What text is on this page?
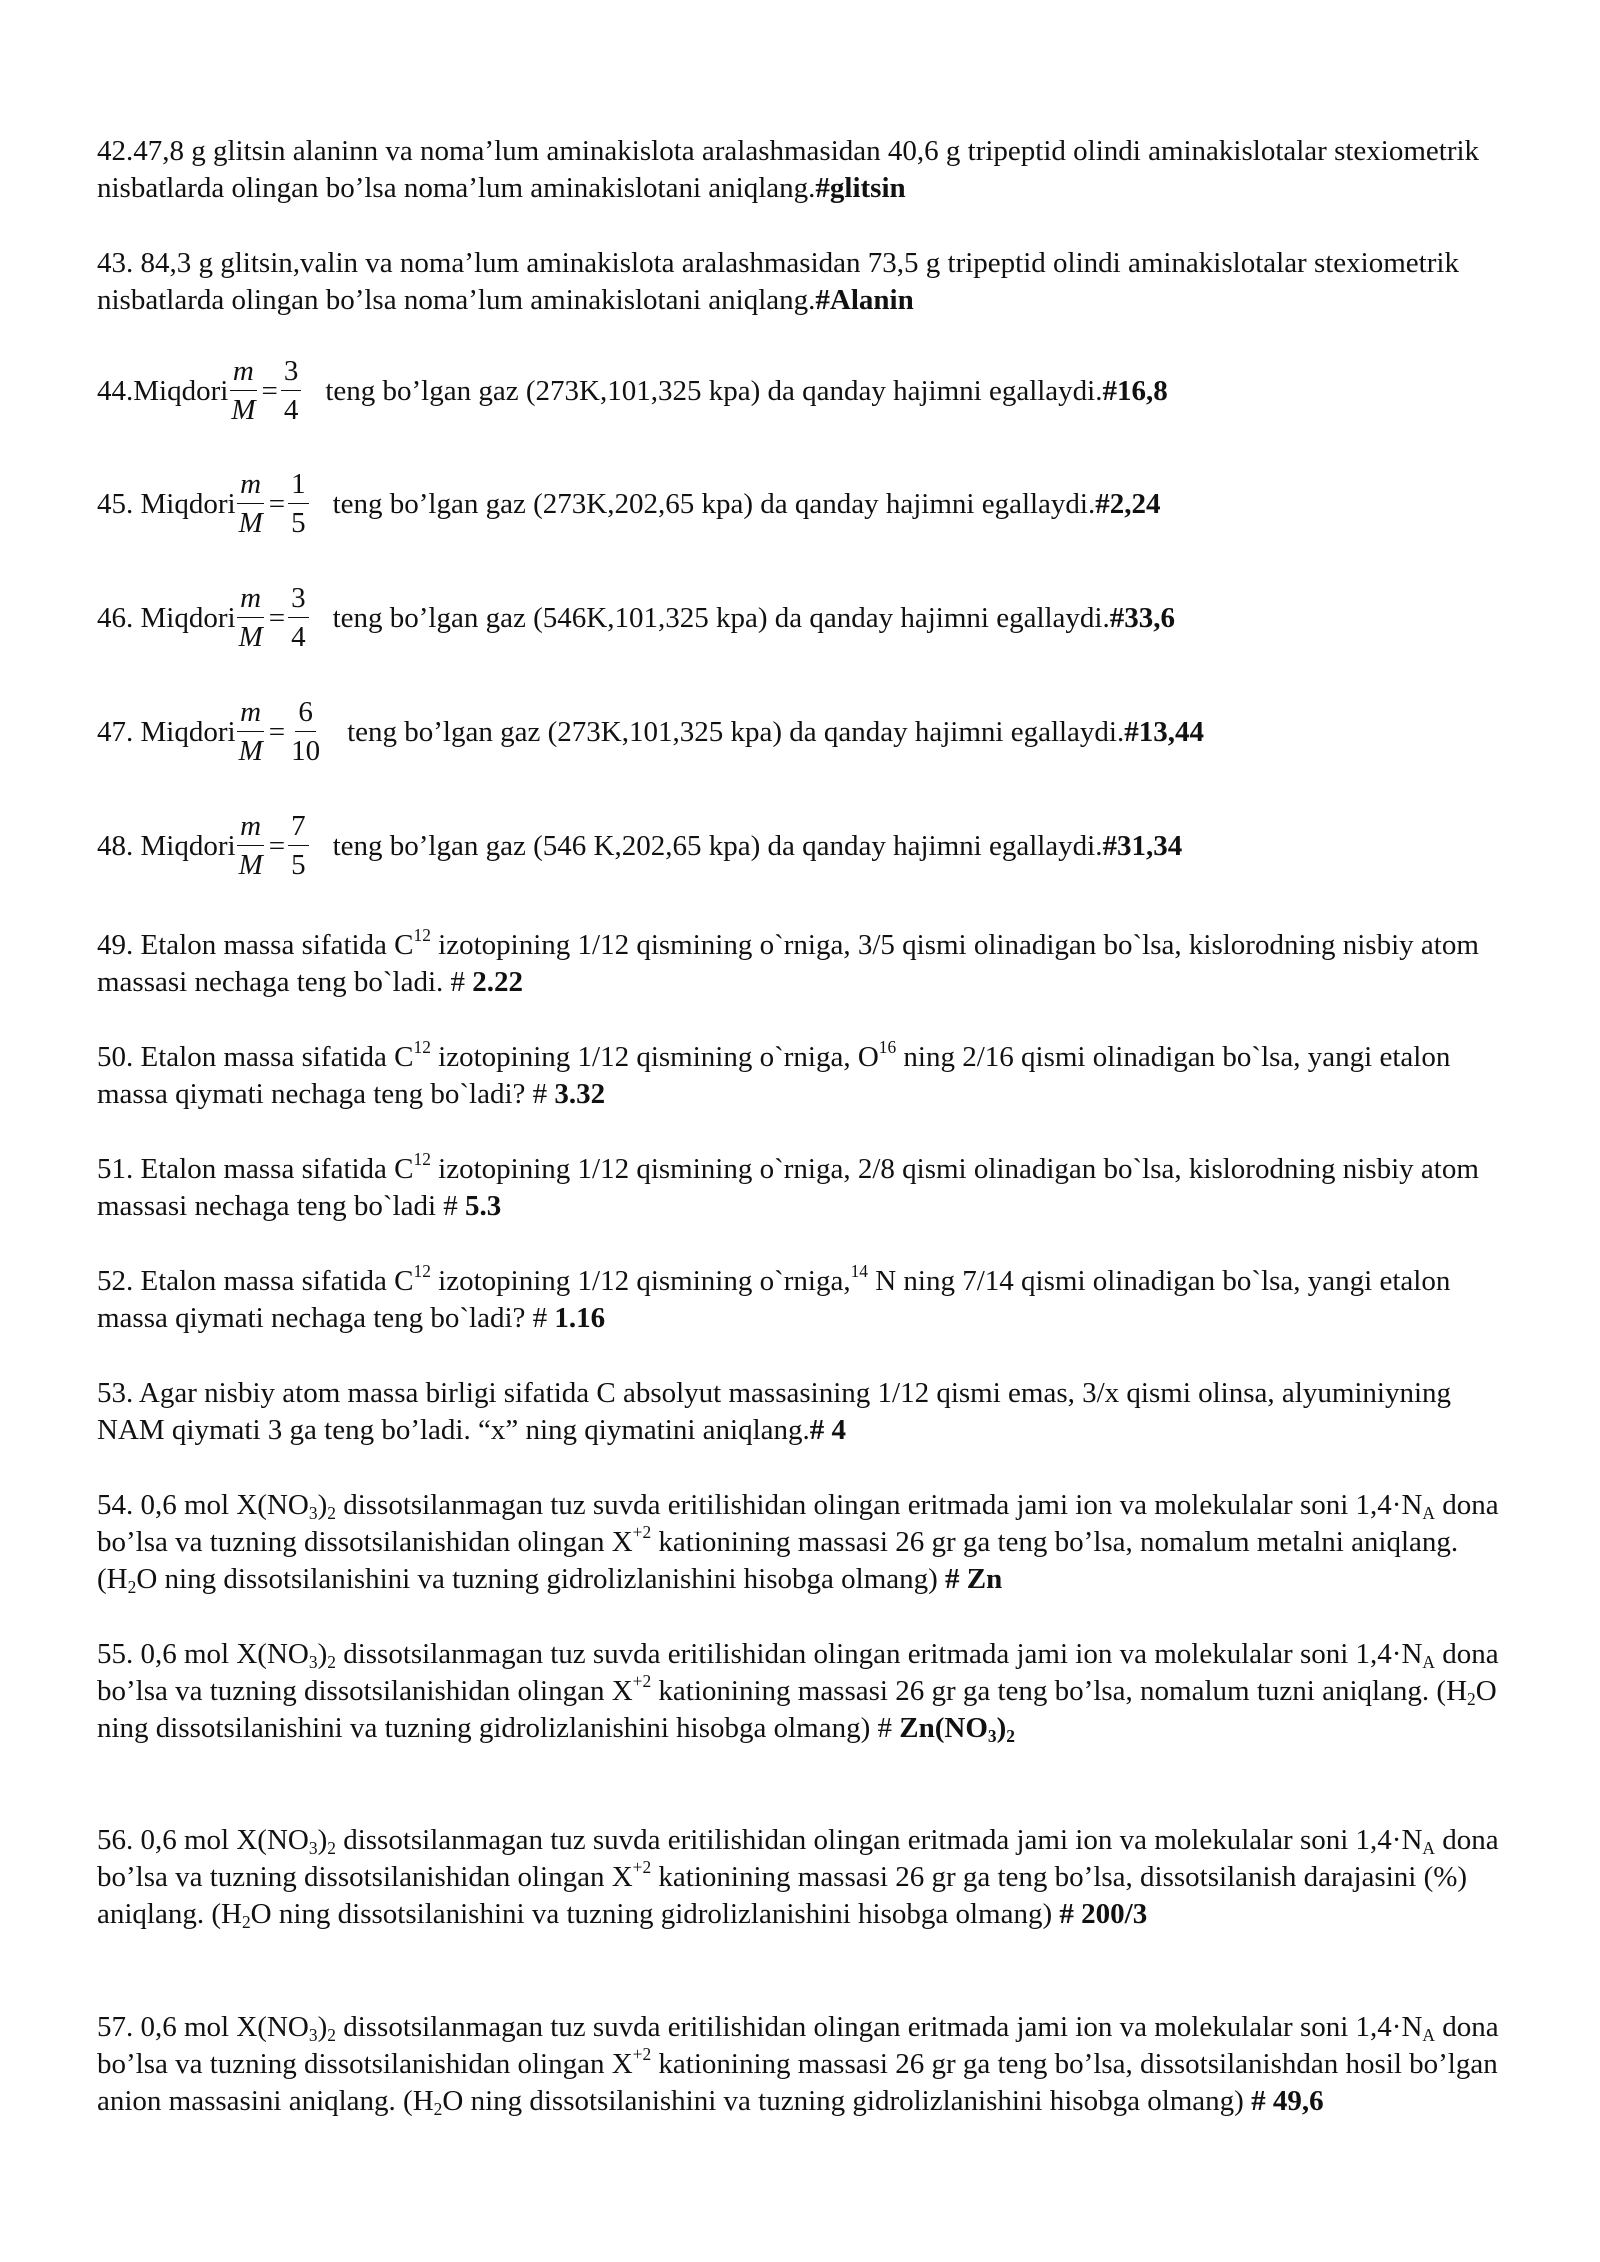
42.47,8 g glitsin alaninn va noma’lum aminakislota aralashmasidan 40,6 g tripeptid olindi aminakislotalar stexiometrik nisbatlarda olingan bo’lsa noma’lum aminakislotani aniqlang.#glitsin

43. 84,3 g glitsin,valin va noma’lum aminakislota aralashmasidan 73,5 g tripeptid olindi aminakislotalar stexiometrik nisbatlarda olingan bo’lsa noma’lum aminakislotani aniqlang.#Alanin

44.Miqdori $\frac{m}{M} = \frac{3}{4}$ teng bo’lgan gaz (273K,101,325 kpa) da qanday hajimni egallaydi. #16,8
45. Miqdori $\frac{m}{M} = \frac{1}{5}$ teng bo’lgan gaz (273K,202,65 kpa) da qanday hajimni egallaydi. #2,24
46. Miqdori $\frac{m}{M} = \frac{3}{4}$ teng bo’lgan gaz (546K,101,325 kpa) da qanday hajimni egallaydi. #33,6
47. Miqdori $\frac{m}{M} = \frac{6}{10}$ teng bo’lgan gaz (273K,101,325 kpa) da qanday hajimni egallaydi. #13,44
48. Miqdori $\frac{m}{M} = \frac{7}{5}$ teng bo’lgan gaz (546 K,202,65 kpa) da qanday hajimni egallaydi. #31,34

49. Etalon massa sifatida $C^{12}$ izotopining 1/12 qismining o`rniga, 3/5 qismi olinadigan bo`lsa, kislorodning nisbiy atom massasi nechaga teng bo`ladi. # 2.22

50. Etalon massa sifatida $C^{12}$ izotopining 1/12 qismining o`rniga, $O^{16}$ ning 2/16 qismi olinadigan bo`lsa, yangi etalon massa qiymati nechaga teng bo`ladi? # 3.32

51. Etalon massa sifatida $C^{12}$ izotopining 1/12 qismining o`rniga, 2/8 qismi olinadigan bo`lsa, kislorodning nisbiy atom massasi nechaga teng bo`ladi # 5.3

52. Etalon massa sifatida $C^{12}$ izotopining 1/12 qismining o`rniga,$^{14}$ N ning 7/14 qismi olinadigan bo`lsa, yangi etalon massa qiymati nechaga teng bo`ladi? # 1.16

53. Agar nisbiy atom massa birligi sifatida C absolyut massasining 1/12 qismi emas, 3/x qismi olinsa, alyuminiyning NAM qiymati 3 ga teng bo’ladi. “x” ning qiymatini aniqlang.# 4

54. 0,6 mol $X(NO_3)_2$ dissotsilanmagan tuz suvda eritilishidan olingan eritmada jami ion va molekulalar soni $1,4\cdot N_A$ dona bo’lsa va tuzning dissotsilanishidan olingan $X^{+2}$ kationining massasi 26 gr ga teng bo’lsa, nomalum metalni aniqlang. ($H_2O$ ning dissotsilanishini va tuzning gidrolizlanishini hisobga olmang) # Zn

55. 0,6 mol $X(NO_3)_2$ dissotsilanmagan tuz suvda eritilishidan olingan eritmada jami ion va molekulalar soni $1,4\cdot N_A$ dona bo’lsa va tuzning dissotsilanishidan olingan $X^{+2}$ kationining massasi 26 gr ga teng bo’lsa, nomalum tuzni aniqlang. ($H_2O$ ning dissotsilanishini va tuzning gidrolizlanishini hisobga olmang) # $Zn(NO_3)_2$

56. 0,6 mol $X(NO_3)_2$ dissotsilanmagan tuz suvda eritilishidan olingan eritmada jami ion va molekulalar soni $1,4\cdot N_A$ dona bo’lsa va tuzning dissotsilanishidan olingan $X^{+2}$ kationining massasi 26 gr ga teng bo’lsa, dissotsilanish darajasini (%) aniqlang. ($H_2O$ ning dissotsilanishini va tuzning gidrolizlanishini hisobga olmang) # 200/3

57. 0,6 mol $X(NO_3)_2$ dissotsilanmagan tuz suvda eritilishidan olingan eritmada jami ion va molekulalar soni $1,4\cdot N_A$ dona bo’lsa va tuzning dissotsilanishidan olingan $X^{+2}$ kationining massasi 26 gr ga teng bo’lsa, dissotsilanishdan hosil bo’lgan anion massasini aniqlang. ($H_2O$ ning dissotsilanishini va tuzning gidrolizlanishini hisobga olmang) # 49,6
